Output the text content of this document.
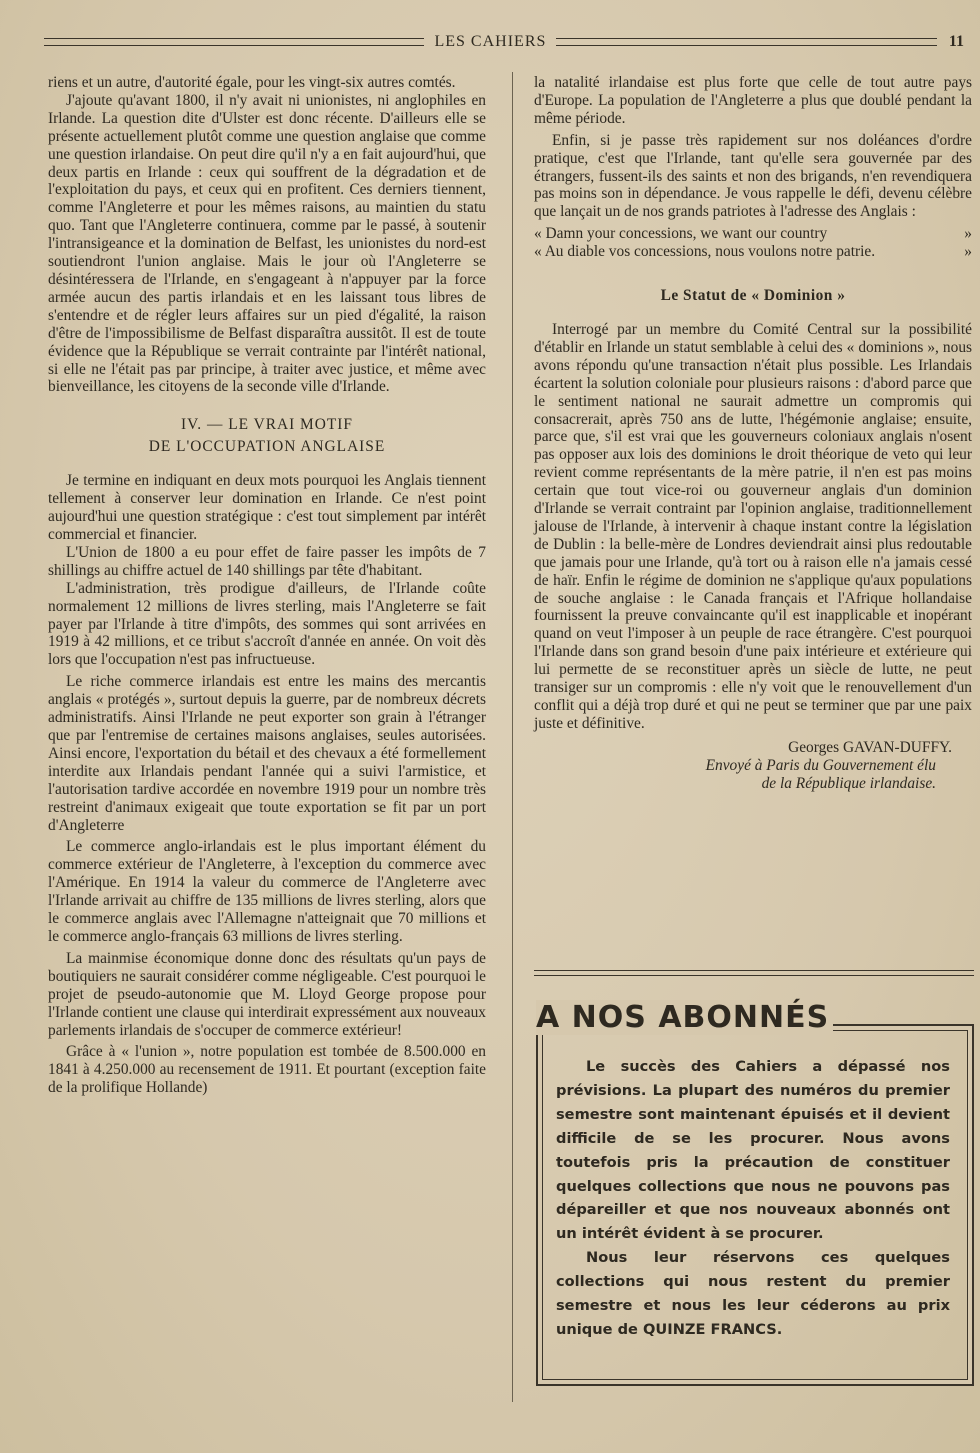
LES CAHIERS	11

riens et un autre, d'autorité égale, pour les vingt-six autres comtés.

J'ajoute qu'avant 1800, il n'y avait ni unionistes, ni anglophiles en Irlande. La question dite d'Ulster est donc récente. D'ailleurs elle se présente actuellement plutôt comme une question anglaise que comme une question irlandaise. On peut dire qu'il n'y a en fait aujourd'hui, que deux partis en Irlande : ceux qui souffrent de la dégradation et de l'exploitation du pays, et ceux qui en profitent. Ces derniers tiennent, comme l'Angleterre et pour les mêmes raisons, au maintien du statu quo. Tant que l'Angleterre continuera, comme par le passé, à soutenir l'intransigeance et la domination de Belfast, les unionistes du nord-est soutiendront l'union anglaise. Mais le jour où l'Angleterre se désintéressera de l'Irlande, en s'engageant à n'appuyer par la force armée aucun des partis irlandais et en les laissant tous libres de s'entendre et de régler leurs affaires sur un pied d'égalité, la raison d'être de l'impossibilisme de Belfast disparaîtra aussitôt. Il est de toute évidence que la République se verrait contrainte par l'intérêt national, si elle ne l'était pas par principe, à traiter avec justice, et même avec bienveillance, les citoyens de la seconde ville d'Irlande.

IV. — LE VRAI MOTIF
DE L'OCCUPATION ANGLAISE

Je termine en indiquant en deux mots pourquoi les Anglais tiennent tellement à conserver leur domination en Irlande. Ce n'est point aujourd'hui une question stratégique : c'est tout simplement par intérêt commercial et financier.

L'Union de 1800 a eu pour effet de faire passer les impôts de 7 shillings au chiffre actuel de 140 shillings par tête d'habitant.

L'administration, très prodigue d'ailleurs, de l'Irlande coûte normalement 12 millions de livres sterling, mais l'Angleterre se fait payer par l'Irlande à titre d'impôts, des sommes qui sont arrivées en 1919 à 42 millions, et ce tribut s'accroît d'année en année. On voit dès lors que l'occupation n'est pas infructueuse.

Le riche commerce irlandais est entre les mains des mercantis anglais « protégés », surtout depuis la guerre, par de nombreux décrets administratifs. Ainsi l'Irlande ne peut exporter son grain à l'étranger que par l'entremise de certaines maisons anglaises, seules autorisées. Ainsi encore, l'exportation du bétail et des chevaux a été formellement interdite aux Irlandais pendant l'année qui a suivi l'armistice, et l'autorisation tardive accordée en novembre 1919 pour un nombre très restreint d'animaux exigeait que toute exportation se fit par un port d'Angleterre

Le commerce anglo-irlandais est le plus important élément du commerce extérieur de l'Angleterre, à l'exception du commerce avec l'Amérique. En 1914 la valeur du commerce de l'Angleterre avec l'Irlande arrivait au chiffre de 135 millions de livres sterling, alors que le commerce anglais avec l'Allemagne n'atteignait que 70 millions et le commerce anglo-français 63 millions de livres sterling.

La mainmise économique donne donc des résultats qu'un pays de boutiquiers ne saurait considérer comme négligeable. C'est pourquoi le projet de pseudo-autonomie que M. Lloyd George propose pour l'Irlande contient une clause qui interdirait expressément aux nouveaux parlements irlandais de s'occuper de commerce extérieur!

Grâce à « l'union », notre population est tombée de 8.500.000 en 1841 à 4.250.000 au recensement de 1911. Et pourtant (exception faite de la prolifique Hollande)

la natalité irlandaise est plus forte que celle de tout autre pays d'Europe. La population de l'Angleterre a plus que doublé pendant la même période.

Enfin, si je passe très rapidement sur nos doléances d'ordre pratique, c'est que l'Irlande, tant qu'elle sera gouvernée par des étrangers, fussent-ils des saints et non des brigands, n'en revendiquera pas moins son in dépendance. Je vous rappelle le défi, devenu célèbre que lançait un de nos grands patriotes à l'adresse des Anglais :

« Damn your concessions, we want our country	»
« Au diable vos concessions, nous voulons notre patrie.	»
Le Statut de « Dominion »

Interrogé par un membre du Comité Central sur la possibilité d'établir en Irlande un statut semblable à celui des « dominions », nous avons répondu qu'une transaction n'était plus possible. Les Irlandais écartent la solution coloniale pour plusieurs raisons : d'abord parce que le sentiment national ne saurait admettre un compromis qui consacrerait, après 750 ans de lutte, l'hégémonie anglaise; ensuite, parce que, s'il est vrai que les gouverneurs coloniaux anglais n'osent pas opposer aux lois des dominions le droit théorique de veto qui leur revient comme représentants de la mère patrie, il n'en est pas moins certain que tout vice-roi ou gouverneur anglais d'un dominion d'Irlande se verrait contraint par l'opinion anglaise, traditionnellement jalouse de l'Irlande, à intervenir à chaque instant contre la législation de Dublin : la belle-mère de Londres deviendrait ainsi plus redoutable que jamais pour une Irlande, qu'à tort ou à raison elle n'a jamais cessé de haïr. Enfin le régime de dominion ne s'applique qu'aux populations de souche anglaise : le Canada français et l'Afrique hollandaise fournissent la preuve convaincante qu'il est inapplicable et inopérant quand on veut l'imposer à un peuple de race étrangère. C'est pourquoi l'Irlande dans son grand besoin d'une paix intérieure et extérieure qui lui permette de se reconstituer après un siècle de lutte, ne peut transiger sur un compromis : elle n'y voit que le renouvellement d'un conflit qui a déjà trop duré et qui ne peut se terminer que par une paix juste et définitive.

Georges GAVAN-DUFFY.
Envoyé à Paris du Gouvernement élu
de la République irlandaise.
A NOS ABONNÉS

Le succès des Cahiers a dépassé nos prévisions. La plupart des numéros du premier semestre sont maintenant épuisés et il devient difficile de se les procurer. Nous avons toutefois pris la précaution de constituer quelques collections que nous ne pouvons pas dépareiller et que nos nouveaux abonnés ont un intérêt évident à se procurer.

Nous leur réservons ces quelques collections qui nous restent du premier semestre et nous les leur céderons au prix unique de QUINZE FRANCS.
